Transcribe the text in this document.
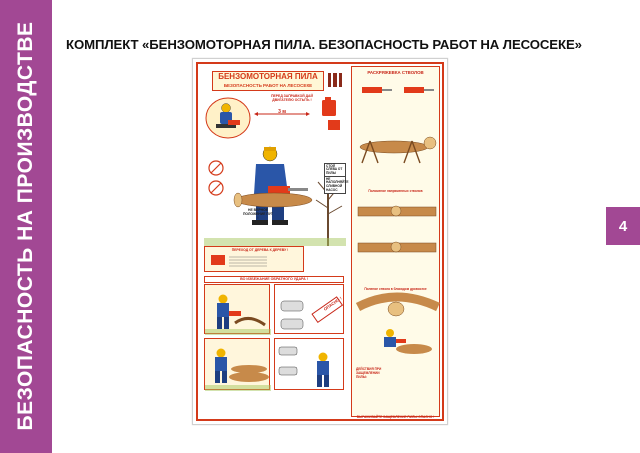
БЕЗОПАСНОСТЬ НА ПРОИЗВОДСТВЕ КОМПЛЕКТ «БЕНЗОМОТОРНАЯ ПИЛА. БЕЗОПАСНОСТЬ РАБОТ НА ЛЕСОСЕКЕ»
4
БЕНЗОМОТОРНАЯ ПИЛА
БЕЗОПАСНОСТЬ РАБОТ НА ЛЕСОСЕКЕ
ПЕРЕД ЗАПРАВКОЙ ДАЙ ДВИГАТЕЛЮ ОСТЫТЬ !
3 м
СТОЙ СЛЕВА ОТ ПИЛЫ
НЕ НАПОЛНЯЙТЕ СЛИВНОЙ НАСОС
НЕ ВЕРНОЕ ПОЛОЖЕНИЕ ПУТ !
ПЕРЕХОД ОТ ДЕРЕВА К ДЕРЕВУ !
ВО ИЗБЕЖАНИЕ ОБРАТНОГО УДАРА !
ОПАСНО !
РАСКРЯЖЕВКА СТВОЛОВ
Положение напряженных стволов
Пиление ствола в блокадом дровосеке
ДЕЙСТВИЯ ПРИ ЗАЩЕМЛЕНИИ ПИЛЫ:
ВЫРАЖИВАЙТЕ ЗАЩЕМЛЕНИЕ ПИЛЫ ОПАСНО !
